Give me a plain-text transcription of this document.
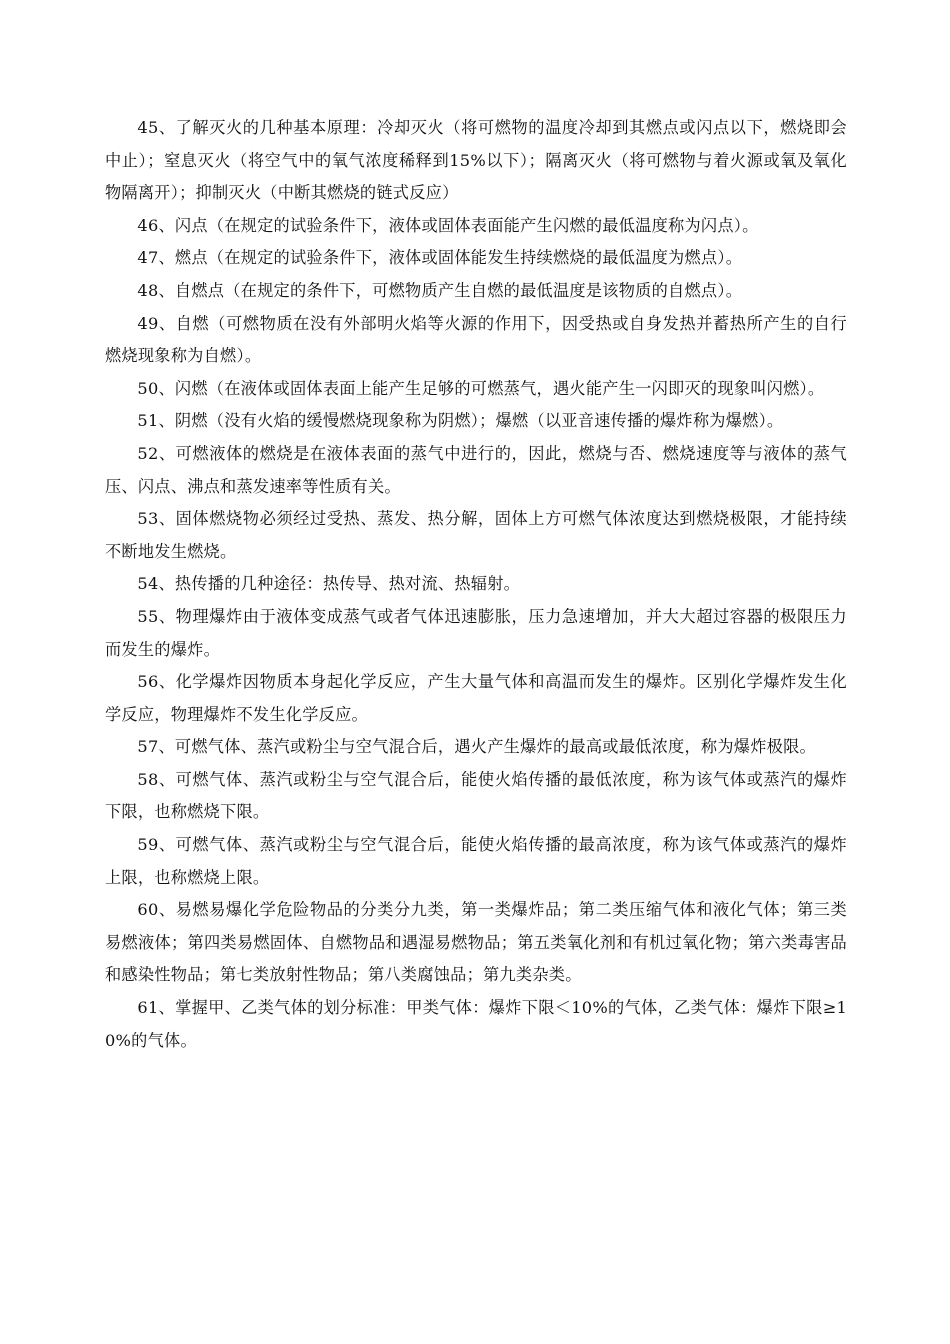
45、了解灭火的几种基本原理：冷却灭火（将可燃物的温度冷却到其燃点或闪点以下，燃烧即会中止）；窒息灭火（将空气中的氧气浓度稀释到15%以下）；隔离灭火（将可燃物与着火源或氧及氧化物隔离开）；抑制灭火（中断其燃烧的链式反应）

46、闪点（在规定的试验条件下，液体或固体表面能产生闪燃的最低温度称为闪点）。

47、燃点（在规定的试验条件下，液体或固体能发生持续燃烧的最低温度为燃点）。

48、自燃点（在规定的条件下，可燃物质产生自燃的最低温度是该物质的自燃点）。

49、自燃（可燃物质在没有外部明火焰等火源的作用下，因受热或自身发热并蓄热所产生的自行燃烧现象称为自燃）。

50、闪燃（在液体或固体表面上能产生足够的可燃蒸气，遇火能产生一闪即灭的现象叫闪燃）。

51、阴燃（没有火焰的缓慢燃烧现象称为阴燃）；爆燃（以亚音速传播的爆炸称为爆燃）。

52、可燃液体的燃烧是在液体表面的蒸气中进行的，因此，燃烧与否、燃烧速度等与液体的蒸气压、闪点、沸点和蒸发速率等性质有关。

53、固体燃烧物必须经过受热、蒸发、热分解，固体上方可燃气体浓度达到燃烧极限，才能持续不断地发生燃烧。

54、热传播的几种途径：热传导、热对流、热辐射。

55、物理爆炸由于液体变成蒸气或者气体迅速膨胀，压力急速增加，并大大超过容器的极限压力而发生的爆炸。

56、化学爆炸因物质本身起化学反应，产生大量气体和高温而发生的爆炸。区别化学爆炸发生化学反应，物理爆炸不发生化学反应。

57、可燃气体、蒸汽或粉尘与空气混合后，遇火产生爆炸的最高或最低浓度，称为爆炸极限。

58、可燃气体、蒸汽或粉尘与空气混合后，能使火焰传播的最低浓度，称为该气体或蒸汽的爆炸下限，也称燃烧下限。

59、可燃气体、蒸汽或粉尘与空气混合后，能使火焰传播的最高浓度，称为该气体或蒸汽的爆炸上限，也称燃烧上限。

60、易燃易爆化学危险物品的分类分九类，第一类爆炸品；第二类压缩气体和液化气体；第三类易燃液体；第四类易燃固体、自燃物品和遇湿易燃物品；第五类氧化剂和有机过氧化物；第六类毒害品和感染性物品；第七类放射性物品；第八类腐蚀品；第九类杂类。

61、掌握甲、乙类气体的划分标准：甲类气体：爆炸下限＜10%的气体，乙类气体：爆炸下限≥10%的气体。
